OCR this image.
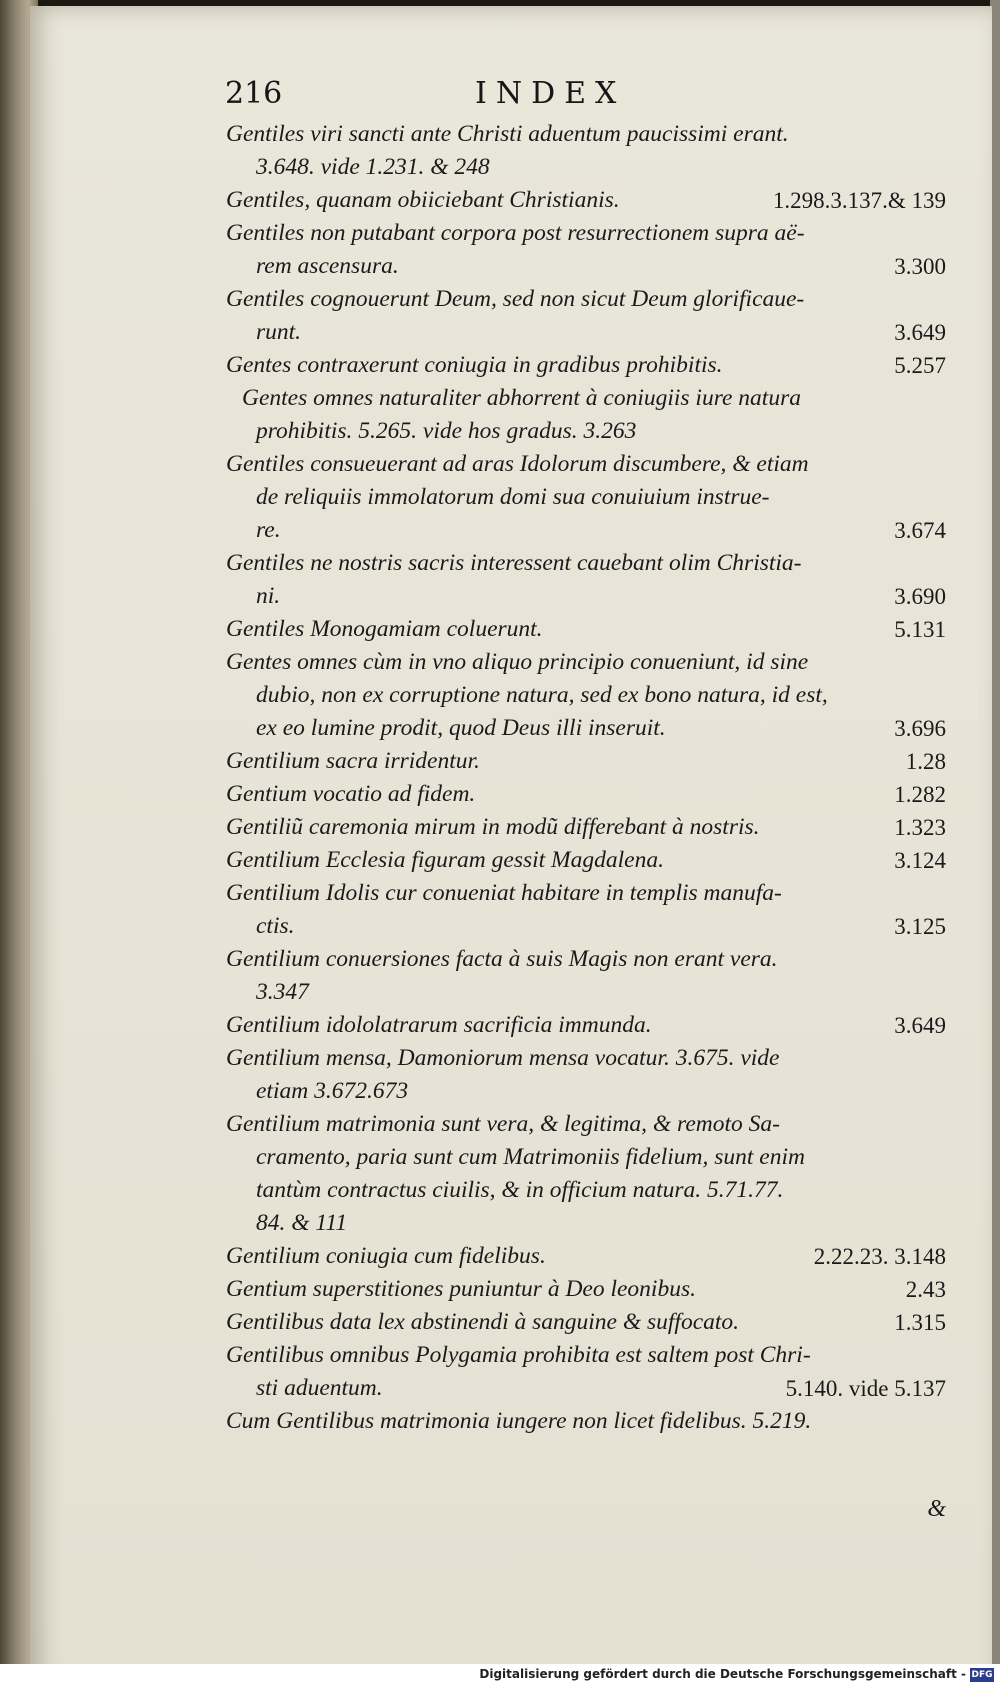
216	INDEX
Gentiles viri sancti ante Christi aduentum paucissimi erant.
3.648. vide 1.231. & 248
Gentiles, quanam obiiciebant Christianis.	1.298.3.137.& 139
Gentiles non putabant corpora post resurrectionem supra aë-
rem ascensura.	3.300
Gentiles cognouerunt Deum, sed non sicut Deum glorificaue-
runt.	3.649
Gentes contraxerunt coniugia in gradibus prohibitis.	5.257
Gentes omnes naturaliter abhorrent à coniugiis iure natura
prohibitis. 5.265. vide hos gradus. 3.263
Gentiles consueuerant ad aras Idolorum discumbere, & etiam
de reliquiis immolatorum domi sua conuiuium instrue-
re.	3.674
Gentiles ne nostris sacris interessent cauebant olim Christia-
ni.	3.690
Gentiles Monogamiam coluerunt.	5.131
Gentes omnes cùm in vno aliquo principio conueniunt, id sine
dubio, non ex corruptione natura, sed ex bono natura, id est,
ex eo lumine prodit, quod Deus illi inseruit.	3.696
Gentilium sacra irridentur.	1.28
Gentium vocatio ad fidem.	1.282
Gentiliũ caremonia mirum in modũ differebant à nostris.	1.323
Gentilium Ecclesia figuram gessit Magdalena.	3.124
Gentilium Idolis cur conueniat habitare in templis manufa-
ctis.	3.125
Gentilium conuersiones facta à suis Magis non erant vera.
3.347
Gentilium idololatrarum sacrificia immunda.	3.649
Gentilium mensa, Damoniorum mensa vocatur. 3.675. vide
etiam 3.672.673
Gentilium matrimonia sunt vera, & legitima, & remoto Sa-
cramento, paria sunt cum Matrimoniis fidelium, sunt enim
tantùm contractus ciuilis, & in officium natura. 5.71.77.
84. & 111
Gentilium coniugia cum fidelibus.	2.22.23. 3.148
Gentium superstitiones puniuntur à Deo leonibus.	2.43
Gentilibus data lex abstinendi à sanguine & suffocato.	1.315
Gentilibus omnibus Polygamia prohibita est saltem post Chri-
sti aduentum.	5.140. vide 5.137
Cum Gentilibus matrimonia iungere non licet fidelibus. 5.219.
&
Digitalisierung gefördert durch die Deutsche Forschungsgemeinschaft - DFG
